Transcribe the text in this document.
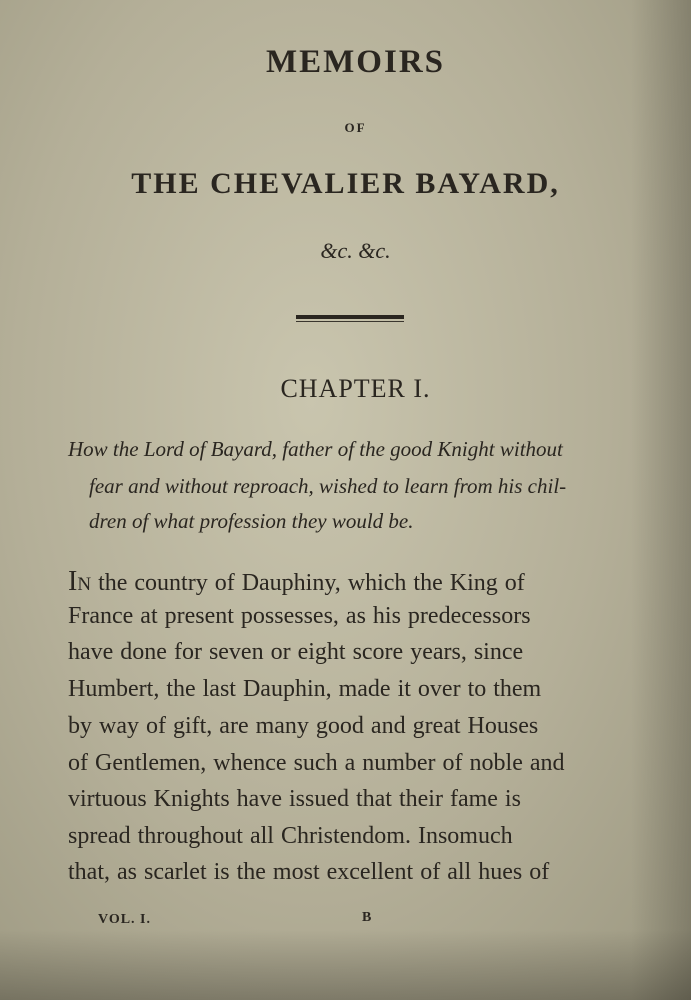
MEMOIRS
OF
THE CHEVALIER BAYARD,
&c. &c.
CHAPTER I.
How the Lord of Bayard, father of the good Knight without
fear and without reproach, wished to learn from his chil-
dren of what profession they would be.
IN the country of Dauphiny, which the King of
France at present possesses, as his predecessors
have done for seven or eight score years, since
Humbert, the last Dauphin, made it over to them
by way of gift, are many good and great Houses
of Gentlemen, whence such a number of noble and
virtuous Knights have issued that their fame is
spread throughout all Christendom. Insomuch
that, as scarlet is the most excellent of all hues of
VOL. I.	B
